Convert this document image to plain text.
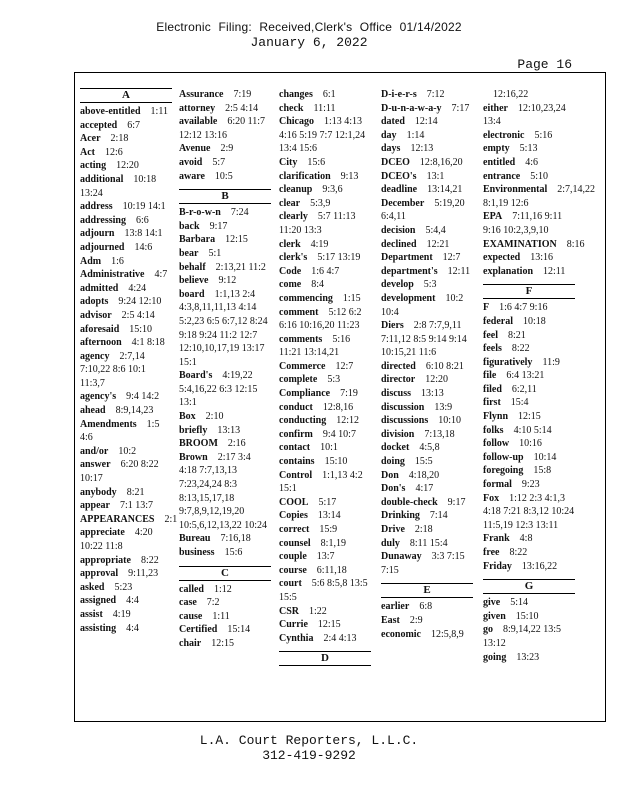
Electronic Filing: Received,Clerk's Office 01/14/2022
January 6, 2022
Page 16
A
above-entitled 1:11
accepted 6:7
Acer 2:18
Act 12:6
acting 12:20
additional 10:18 13:24
address 10:19 14:1
addressing 6:6
adjourn 13:8 14:1
adjourned 14:6
Adm 1:6
Administrative 4:7
admitted 4:24
adopts 9:24 12:10
advisor 2:5 4:14
aforesaid 15:10
afternoon 4:1 8:18
agency 2:7,14 7:10,22 8:6 10:1 11:3,7
agency's 9:4 14:2
ahead 8:9,14,23
Amendments 1:5 4:6
and/or 10:2
answer 6:20 8:22 10:17
anybody 8:21
appear 7:1 13:7
APPEARANCES 2:1
appreciate 4:20 10:22 11:8
appropriate 8:22
approval 9:11,23
asked 5:23
assigned 4:4
assist 4:19
assisting 4:4
Assurance 7:19
attorney 2:5 4:14
available 6:20 11:7 12:12 13:16
Avenue 2:9
avoid 5:7
aware 10:5
B
B-r-o-w-n 7:24
back 9:17
Barbara 12:15
bear 5:1
behalf 2:13,21 11:2
believe 9:12
board 1:1,13 2:4 4:3,8,11,11,13 4:14 5:2,23 6:5 6:7,12 8:24 9:18 9:24 11:2 12:7 12:10,10,17,19 13:17 15:1
Board's 4:19,22 5:4,16,22 6:3 12:15 13:1
Box 2:10
briefly 13:13
BROOM 2:16
Brown 2:17 3:4 4:18 7:7,13,13 7:23,24,24 8:3 8:13,15,17,18 9:7,8,9,12,19,20 10:5,6,12,13,22 10:24
Bureau 7:16,18
business 15:6
C
called 1:12
case 7:2
cause 1:11
Certified 15:14
chair 12:15
changes 6:1
check 11:11
Chicago 1:13 4:13 4:16 5:19 7:7 12:1,24 13:4 15:6
City 15:6
clarification 9:13
cleanup 9:3,6
clear 5:3,9
clearly 5:7 11:13 11:20 13:3
clerk 4:19
clerk's 5:17 13:19
Code 1:6 4:7
come 8:4
commencing 1:15
comment 5:12 6:2 6:16 10:16,20 11:23
comments 5:16 11:21 13:14,21
Commerce 12:7
complete 5:3
Compliance 7:19
conduct 12:8,16
conducting 12:12
confirm 9:4 10:7
contact 10:1
contains 15:10
Control 1:1,13 4:2 15:1
COOL 5:17
Copies 13:14
correct 15:9
counsel 8:1,19
couple 13:7
course 6:11,18
court 5:6 8:5,8 13:5 15:5
CSR 1:22
Currie 12:15
Cynthia 2:4 4:13
D
D-i-e-r-s 7:12
D-u-n-a-w-a-y 7:17
dated 12:14
day 1:14
days 12:13
DCEO 12:8,16,20
DCEO's 13:1
deadline 13:14,21
December 5:19,20 6:4,11
decision 5:4,4
declined 12:21
Department 12:7
department's 12:11
develop 5:3
development 10:2 10:4
Diers 2:8 7:7,9,11 7:11,12 8:5 9:14 9:14 10:15,21 11:6
directed 6:10 8:21
director 12:20
discuss 13:13
discussion 13:9
discussions 10:10
division 7:13,18
docket 4:5,8
doing 15:5
Don 4:18,20
Don's 4:17
double-check 9:17
Drinking 7:14
Drive 2:18
duly 8:11 15:4
Dunaway 3:3 7:15 7:15
E
earlier 6:8
East 2:9
economic 12:5,8,9
12:16,22
either 12:10,23,24 13:4
electronic 5:16
empty 5:13
entitled 4:6
entrance 5:10
Environmental 2:7,14,22 8:1,19 12:6
EPA 7:11,16 9:11 9:16 10:2,3,9,10
EXAMINATION 8:16
expected 13:16
explanation 12:11
F
F 1:6 4:7 9:16
federal 10:18
feel 8:21
feels 8:22
figuratively 11:9
file 6:4 13:21
filed 6:2,11
first 15:4
Flynn 12:15
folks 4:10 5:14
follow 10:16
follow-up 10:14
foregoing 15:8
formal 9:23
Fox 1:12 2:3 4:1,3 4:18 7:21 8:3,12 10:24 11:5,19 12:3 13:11
Frank 4:8
free 8:22
Friday 13:16,22
G
give 5:14
given 15:10
go 8:9,14,22 13:5 13:12
going 13:23
L.A. Court Reporters, L.L.C.
312-419-9292
